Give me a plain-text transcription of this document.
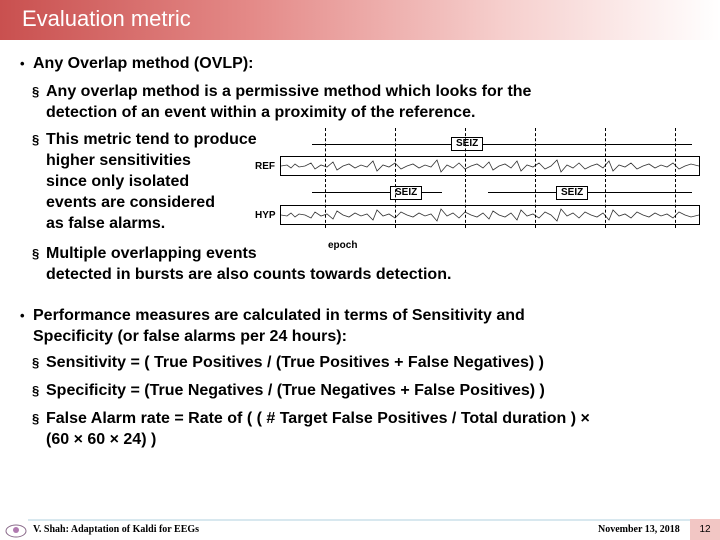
Evaluation metric
• Any Overlap method (OVLP):
§ Any overlap method is a permissive method which looks for the
detection of an event within a proximity of the reference.
§ This metric tend to produce
higher sensitivities
since only isolated
events are considered
as false alarms.
§ Multiple overlapping events
detected in bursts are also counts towards detection.
SEIZ
REF
SEIZ	SEIZ
HYP
epoch
• Performance measures are calculated in terms of Sensitivity and
Specificity (or false alarms per 24 hours):
§ Sensitivity = ( True Positives / (True Positives + False Negatives) )
§ Specificity = (True Negatives / (True Negatives + False Positives) )
§ False Alarm rate = Rate of ( ( # Target False Positives / Total duration ) ×
(60 × 60 × 24) )
V. Shah: Adaptation of Kaldi for EEGs	November 13, 2018	12
